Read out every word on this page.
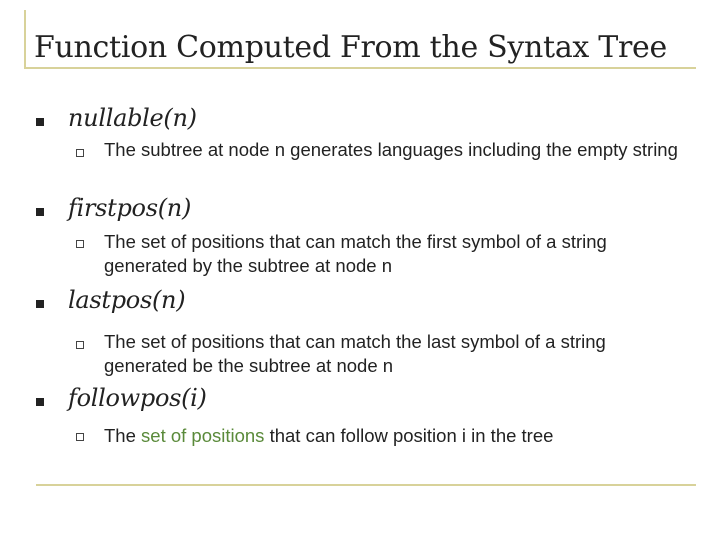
Function Computed From the Syntax Tree
nullable(n)
The subtree at node n generates languages including the empty string
firstpos(n)
The set of positions that can match the first symbol of a string generated by the subtree at node n
lastpos(n)
The set of positions that can match the last symbol of a string generated be the subtree at node n
followpos(i)
The set of positions that can follow position i in the tree
